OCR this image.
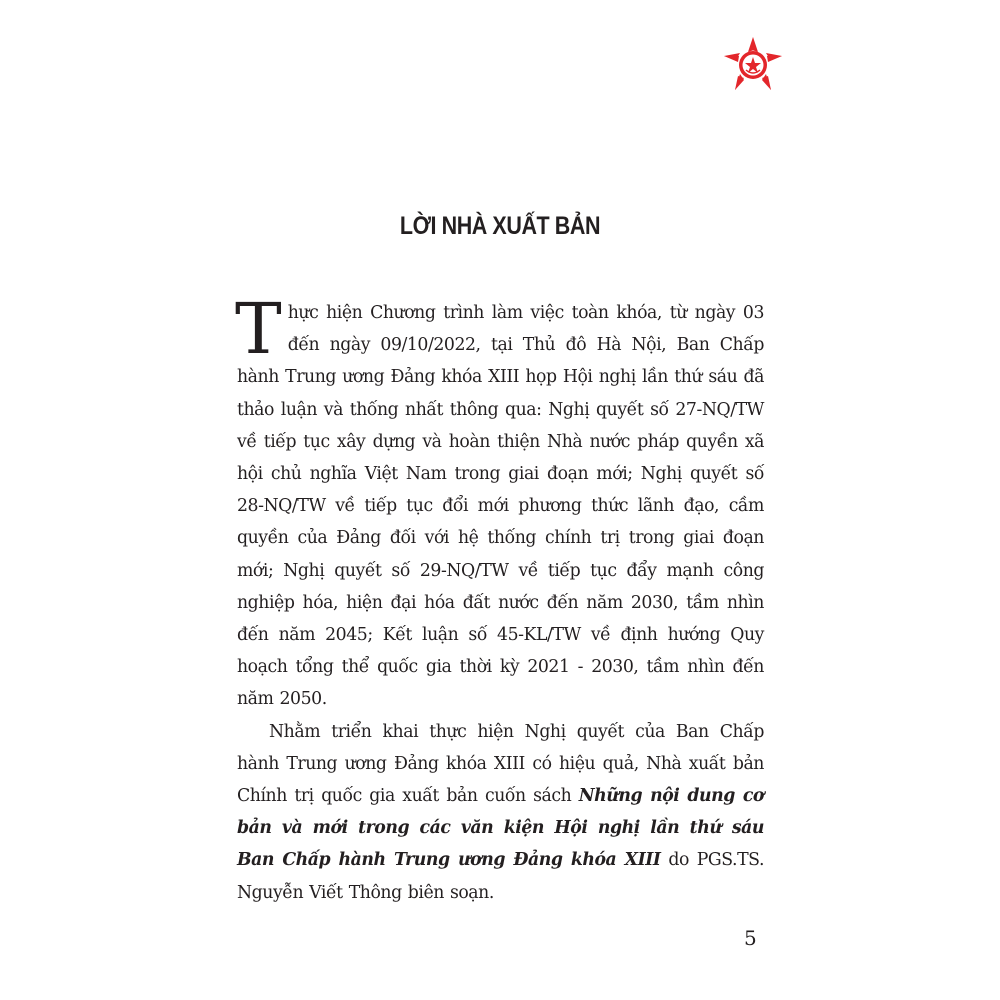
LỜI NHÀ XUẤT BẢN

Thực hiện Chương trình làm việc toàn khóa, từ ngày 03 đến ngày 09/10/2022, tại Thủ đô Hà Nội, Ban Chấp hành Trung ương Đảng khóa XIII họp Hội nghị lần thứ sáu đã thảo luận và thống nhất thông qua: Nghị quyết số 27-NQ/TW về tiếp tục xây dựng và hoàn thiện Nhà nước pháp quyền xã hội chủ nghĩa Việt Nam trong giai đoạn mới; Nghị quyết số 28-NQ/TW về tiếp tục đổi mới phương thức lãnh đạo, cầm quyền của Đảng đối với hệ thống chính trị trong giai đoạn mới; Nghị quyết số 29-NQ/TW về tiếp tục đẩy mạnh công nghiệp hóa, hiện đại hóa đất nước đến năm 2030, tầm nhìn đến năm 2045; Kết luận số 45-KL/TW về định hướng Quy hoạch tổng thể quốc gia thời kỳ 2021 - 2030, tầm nhìn đến năm 2050.

Nhằm triển khai thực hiện Nghị quyết của Ban Chấp hành Trung ương Đảng khóa XIII có hiệu quả, Nhà xuất bản Chính trị quốc gia xuất bản cuốn sách Những nội dung cơ bản và mới trong các văn kiện Hội nghị lần thứ sáu Ban Chấp hành Trung ương Đảng khóa XIII do PGS.TS. Nguyễn Viết Thông biên soạn.

5
